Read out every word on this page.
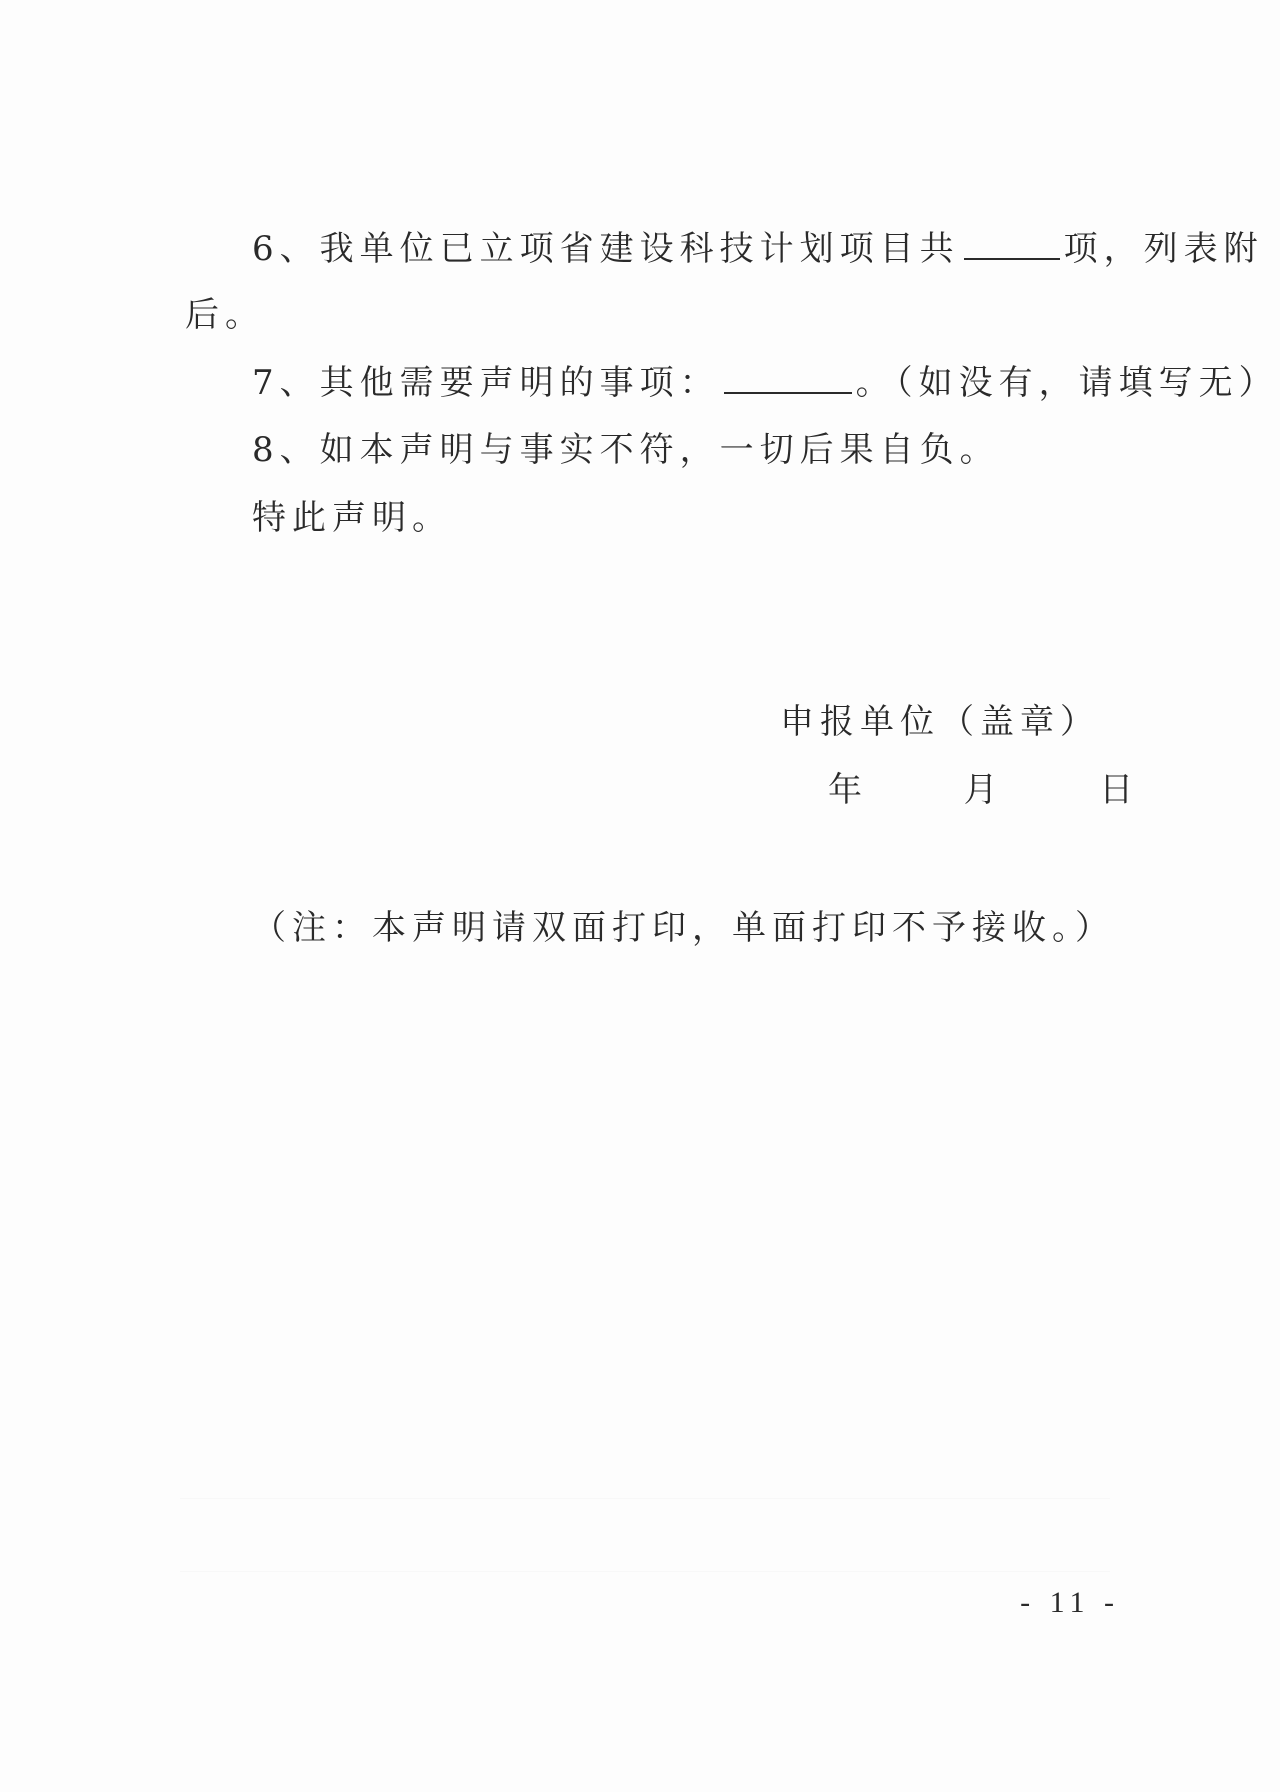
6、我单位已立项省建设科技计划项目共	项，列表附
后。
7、其他需要声明的事项：	。（如没有，请填写无）
8、如本声明与事实不符，一切后果自负。
特此声明。
申报单位（盖章）
年	月	日
（注：本声明请双面打印，单面打印不予接收。）
- 11 -
